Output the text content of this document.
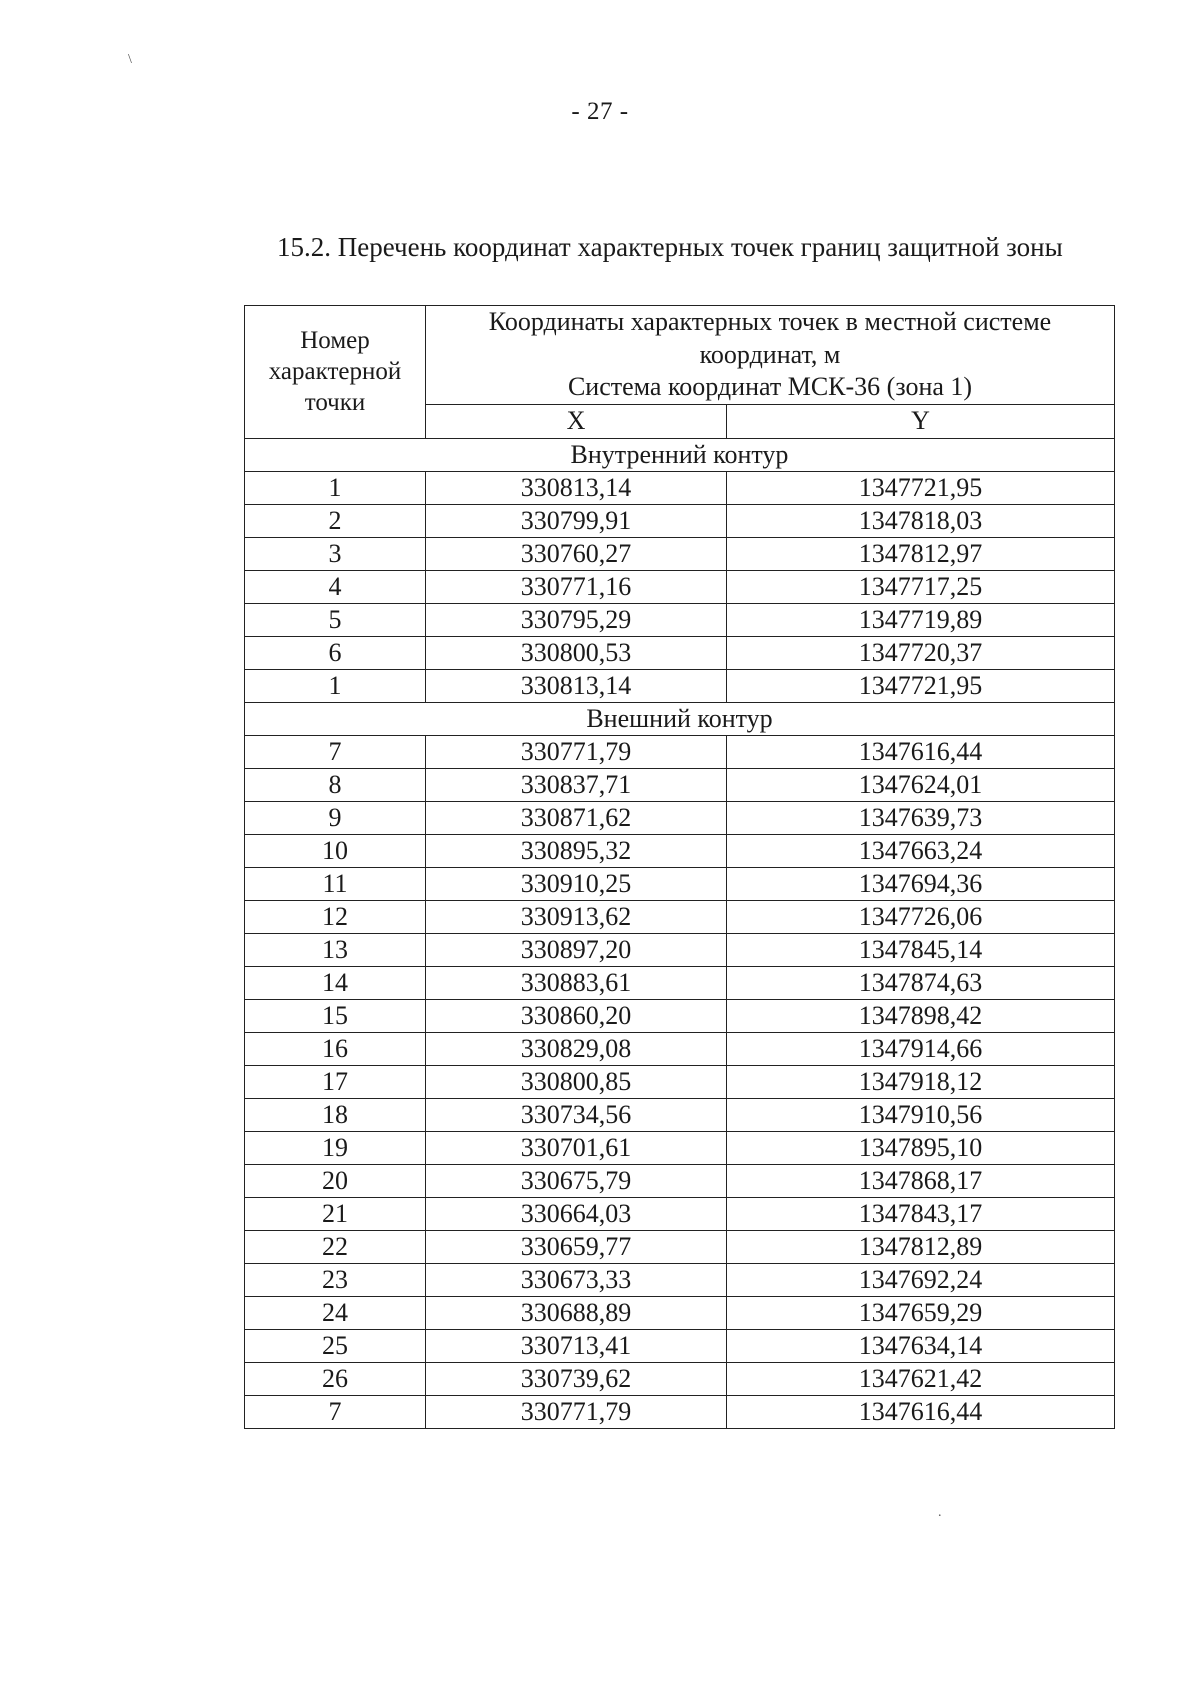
\
.
- 27 -
15.2. Перечень координат характерных точек границ защитной зоны
Номер
характерной
точки	Координаты характерных точек в местной системе
координат, м
Система координат МСК-36 (зона 1)	
	X	Y
Внутренний контур		
1	330813,14	1347721,95
2	330799,91	1347818,03
3	330760,27	1347812,97
4	330771,16	1347717,25
5	330795,29	1347719,89
6	330800,53	1347720,37
1	330813,14	1347721,95
Внешний контур		
7	330771,79	1347616,44
8	330837,71	1347624,01
9	330871,62	1347639,73
10	330895,32	1347663,24
11	330910,25	1347694,36
12	330913,62	1347726,06
13	330897,20	1347845,14
14	330883,61	1347874,63
15	330860,20	1347898,42
16	330829,08	1347914,66
17	330800,85	1347918,12
18	330734,56	1347910,56
19	330701,61	1347895,10
20	330675,79	1347868,17
21	330664,03	1347843,17
22	330659,77	1347812,89
23	330673,33	1347692,24
24	330688,89	1347659,29
25	330713,41	1347634,14
26	330739,62	1347621,42
7	330771,79	1347616,44
